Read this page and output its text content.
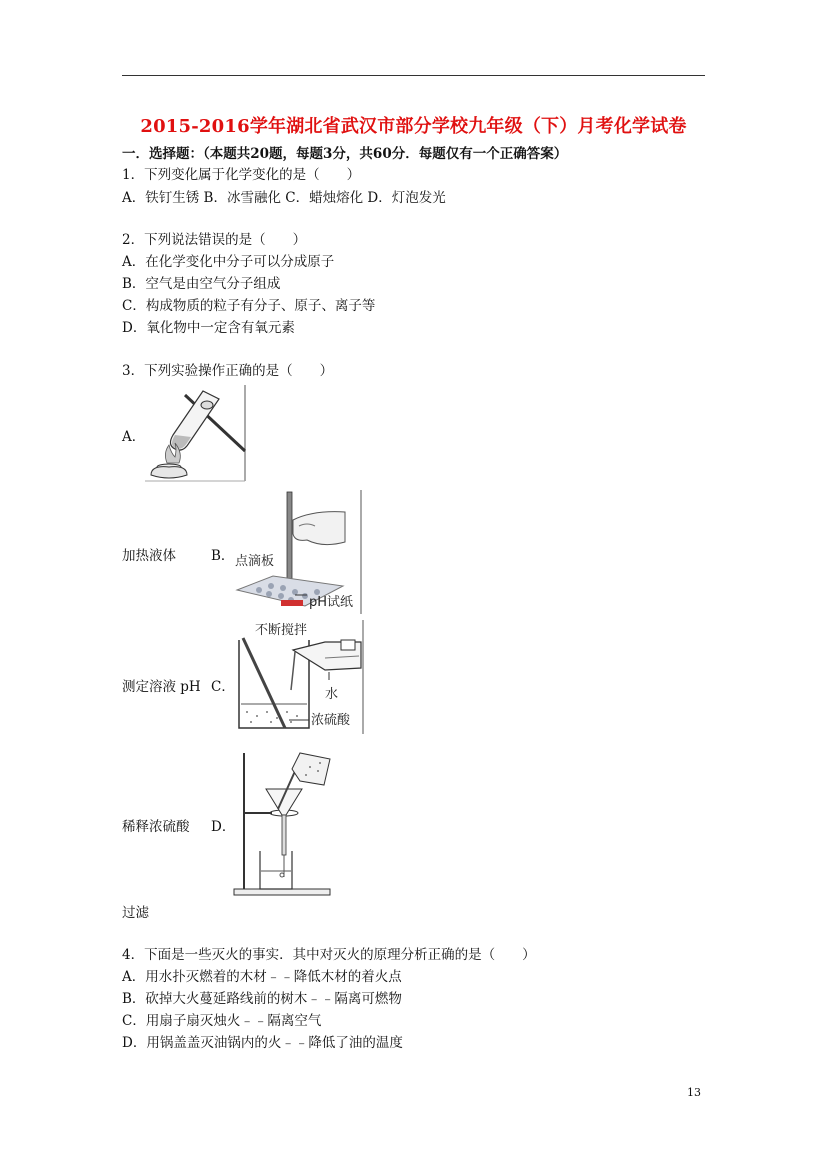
2015-2016学年湖北省武汉市部分学校九年级（下）月考化学试卷
一．选择题：（本题共20题，每题3分，共60分．每题仅有一个正确答案）
1．下列变化属于化学变化的是（　　）
A．铁钉生锈 B．冰雪融化 C．蜡烛熔化 D．灯泡发光
2．下列说法错误的是（　　）
A．在化学变化中分子可以分成原子
B．空气是由空气分子组成
C．构成物质的粒子有分子、原子、离子等
D．氧化物中一定含有氧元素
3．下列实验操作正确的是（　　）
A．
加热液体	B． 点滴板
pH试纸
测定溶液 pH C．
不断搅拌
水
浓硫酸
稀释浓硫酸 D．
过滤
4．下面是一些灭火的事实．其中对灭火的原理分析正确的是（　　）
A．用水扑灭燃着的木材﹣﹣降低木材的着火点
B．砍掉大火蔓延路线前的树木﹣﹣隔离可燃物
C．用扇子扇灭烛火﹣﹣隔离空气
D．用锅盖盖灭油锅内的火﹣﹣降低了油的温度
13
